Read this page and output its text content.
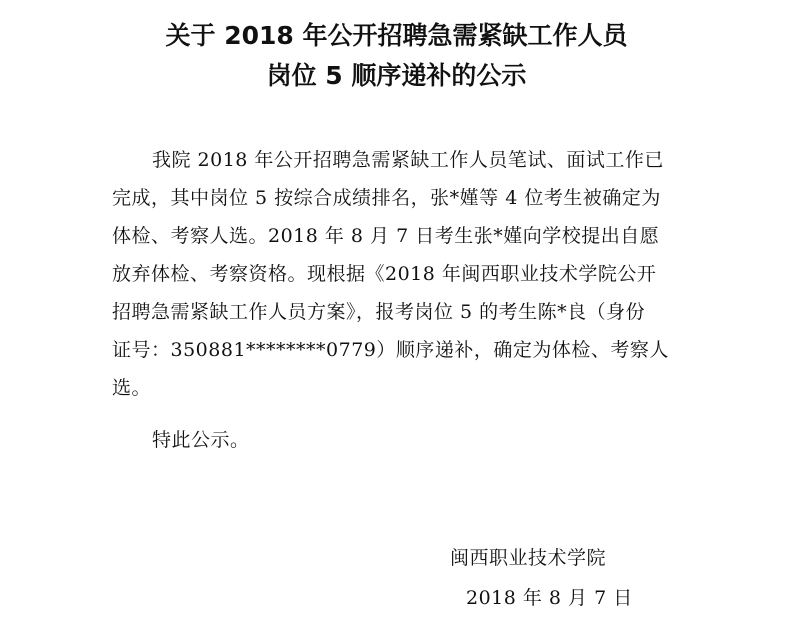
关于 2018 年公开招聘急需紧缺工作人员
岗位 5 顺序递补的公示
我院 2018 年公开招聘急需紧缺工作人员笔试、面试工作已
完成，其中岗位 5 按综合成绩排名，张*嫤等 4 位考生被确定为
体检、考察人选。2018 年 8 月 7 日考生张*嫤向学校提出自愿
放弃体检、考察资格。现根据《2018 年闽西职业技术学院公开
招聘急需紧缺工作人员方案》，报考岗位 5 的考生陈*良（身份
证号：350881********0779）顺序递补，确定为体检、考察人
选。
特此公示。
闽西职业技术学院
2018 年 8 月 7 日
